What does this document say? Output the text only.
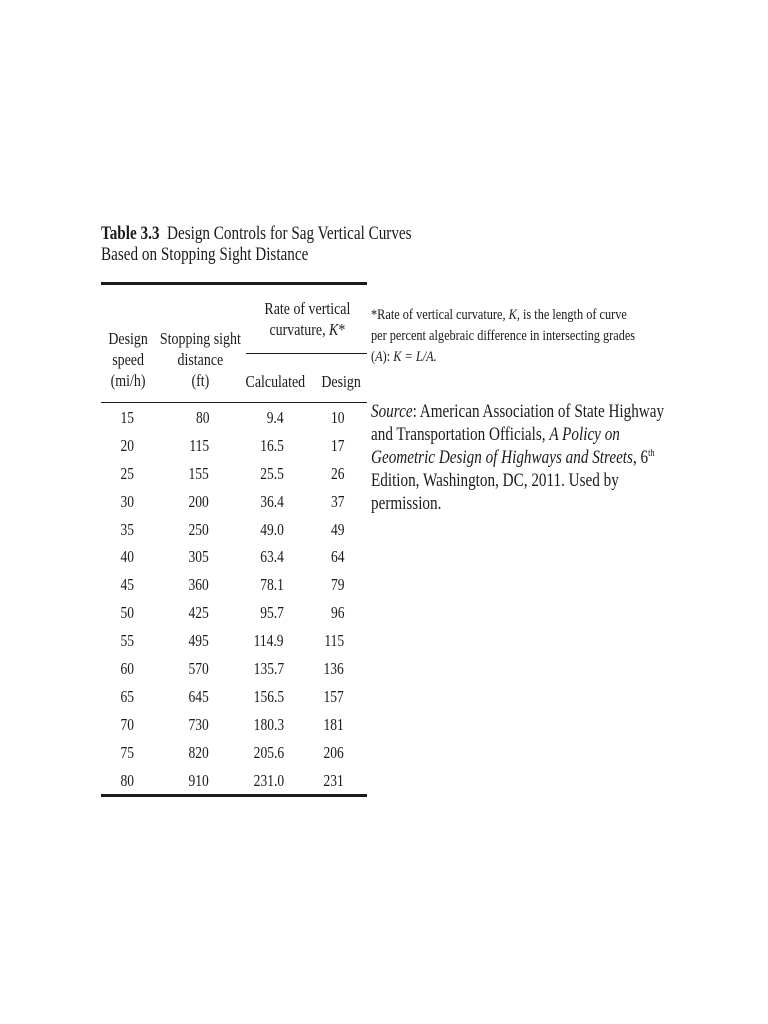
Table 3.3 Design Controls for Sag Vertical Curves
Based on Stopping Sight Distance
Design
speed
(mi/h)
Stopping sight
distance
(ft)
Rate of vertical
curvature, K*
Calculated Design
15	80	9.4	10
20	115	16.5	17
25	155	25.5	26
30	200	36.4	37
35	250	49.0	49
40	305	63.4	64
45	360	78.1	79
50	425	95.7	96
55	495	114.9 115
60	570	135.7 136
65	645	156.5 157
70	730	180.3 181
75	820	205.6 206
80	910	231.0 231
*Rate of vertical curvature, K, is the length of curve
per percent algebraic difference in intersecting grades
(A): K = L/A.
Source: American Association of State Highway
and Transportation Officials, A Policy on
Geometric Design of Highways and Streets, 6th
Edition, Washington, DC, 2011. Used by
permission.
